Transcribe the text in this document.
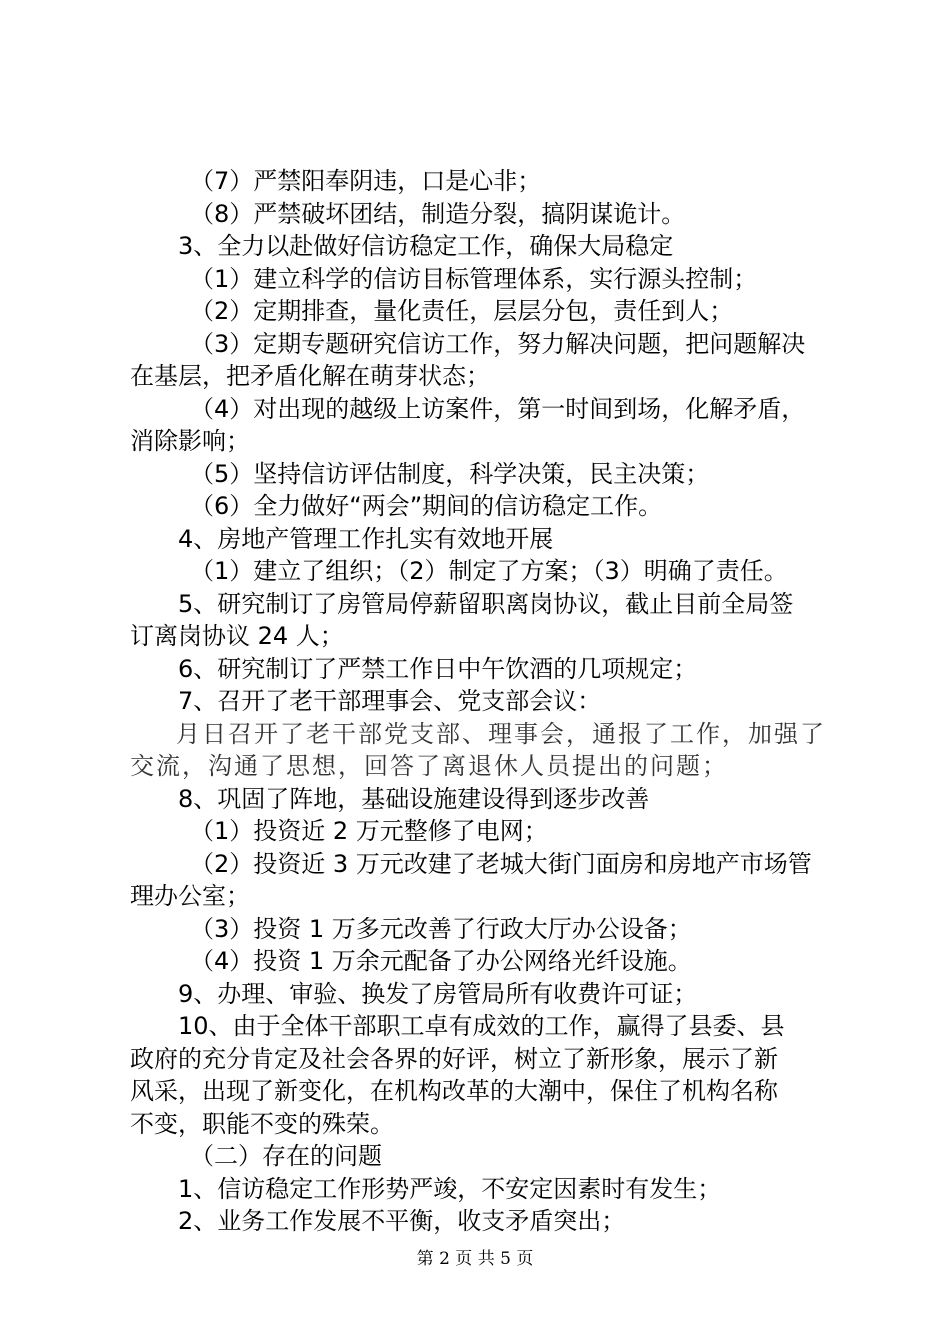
（7）严禁阳奉阴违，口是心非；
（8）严禁破坏团结，制造分裂，搞阴谋诡计。
3、全力以赴做好信访稳定工作，确保大局稳定
（1）建立科学的信访目标管理体系，实行源头控制；
（2）定期排查，量化责任，层层分包，责任到人；
（3）定期专题研究信访工作，努力解决问题，把问题解决
在基层，把矛盾化解在萌芽状态；
（4）对出现的越级上访案件，第一时间到场，化解矛盾，
消除影响；
（5）坚持信访评估制度，科学决策，民主决策；
（6）全力做好“两会”期间的信访稳定工作。
4、房地产管理工作扎实有效地开展
（1）建立了组织；（2）制定了方案；（3）明确了责任。
5、研究制订了房管局停薪留职离岗协议，截止目前全局签
订离岗协议 24 人；
6、研究制订了严禁工作日中午饮酒的几项规定；
7、召开了老干部理事会、党支部会议：
月日召开了老干部党支部、理事会，通报了工作，加强了
交流，沟通了思想，回答了离退休人员提出的问题；
8、巩固了阵地，基础设施建设得到逐步改善
（1）投资近 2 万元整修了电网；
（2）投资近 3 万元改建了老城大街门面房和房地产市场管
理办公室；
（3）投资 1 万多元改善了行政大厅办公设备；
（4）投资 1 万余元配备了办公网络光纤设施。
9、办理、审验、换发了房管局所有收费许可证；
10、由于全体干部职工卓有成效的工作，赢得了县委、县
政府的充分肯定及社会各界的好评，树立了新形象，展示了新
风采，出现了新变化，在机构改革的大潮中，保住了机构名称
不变，职能不变的殊荣。
（二）存在的问题
1、信访稳定工作形势严竣，不安定因素时有发生；
2、业务工作发展不平衡，收支矛盾突出；
第 2 页 共 5 页
